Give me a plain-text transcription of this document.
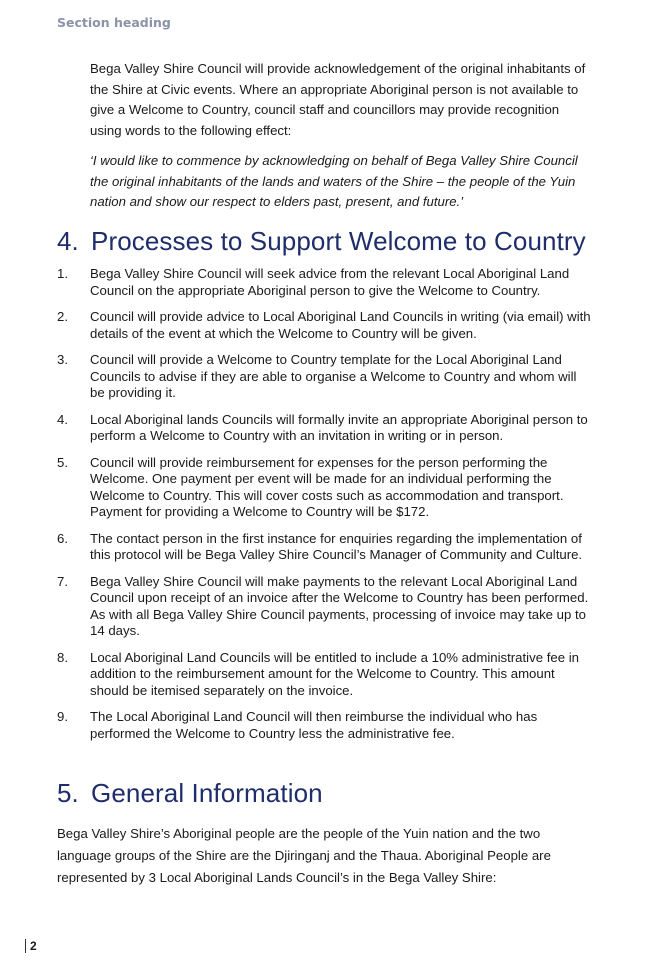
Section heading

Bega Valley Shire Council will provide acknowledgement of the original inhabitants of the Shire at Civic events. Where an appropriate Aboriginal person is not available to give a Welcome to Country, council staff and councillors may provide recognition using words to the following effect:

‘I would like to commence by acknowledging on behalf of Bega Valley Shire Council the original inhabitants of the lands and waters of the Shire – the people of the Yuin nation and show our respect to elders past, present, and future.’

4. Processes to Support Welcome to Country
1.	Bega Valley Shire Council will seek advice from the relevant Local Aboriginal Land Council on the appropriate Aboriginal person to give the Welcome to Country.
2.	Council will provide advice to Local Aboriginal Land Councils in writing (via email) with details of the event at which the Welcome to Country will be given.
3.	Council will provide a Welcome to Country template for the Local Aboriginal Land Councils to advise if they are able to organise a Welcome to Country and whom will be providing it.
4.	Local Aboriginal lands Councils will formally invite an appropriate Aboriginal person to perform a Welcome to Country with an invitation in writing or in person.
5.	Council will provide reimbursement for expenses for the person performing the Welcome. One payment per event will be made for an individual performing the Welcome to Country. This will cover costs such as accommodation and transport. Payment for providing a Welcome to Country will be $172.
6.	The contact person in the first instance for enquiries regarding the implementation of this protocol will be Bega Valley Shire Council’s Manager of Community and Culture.
7.	Bega Valley Shire Council will make payments to the relevant Local Aboriginal Land Council upon receipt of an invoice after the Welcome to Country has been performed. As with all Bega Valley Shire Council payments, processing of invoice may take up to 14 days.
8.	Local Aboriginal Land Councils will be entitled to include a 10% administrative fee in addition to the reimbursement amount for the Welcome to Country. This amount should be itemised separately on the invoice.
9.	The Local Aboriginal Land Council will then reimburse the individual who has performed the Welcome to Country less the administrative fee.
5. General Information

Bega Valley Shire’s Aboriginal people are the people of the Yuin nation and the two language groups of the Shire are the Djiringanj and the Thaua. Aboriginal People are represented by 3 Local Aboriginal Lands Council’s in the Bega Valley Shire:

2
